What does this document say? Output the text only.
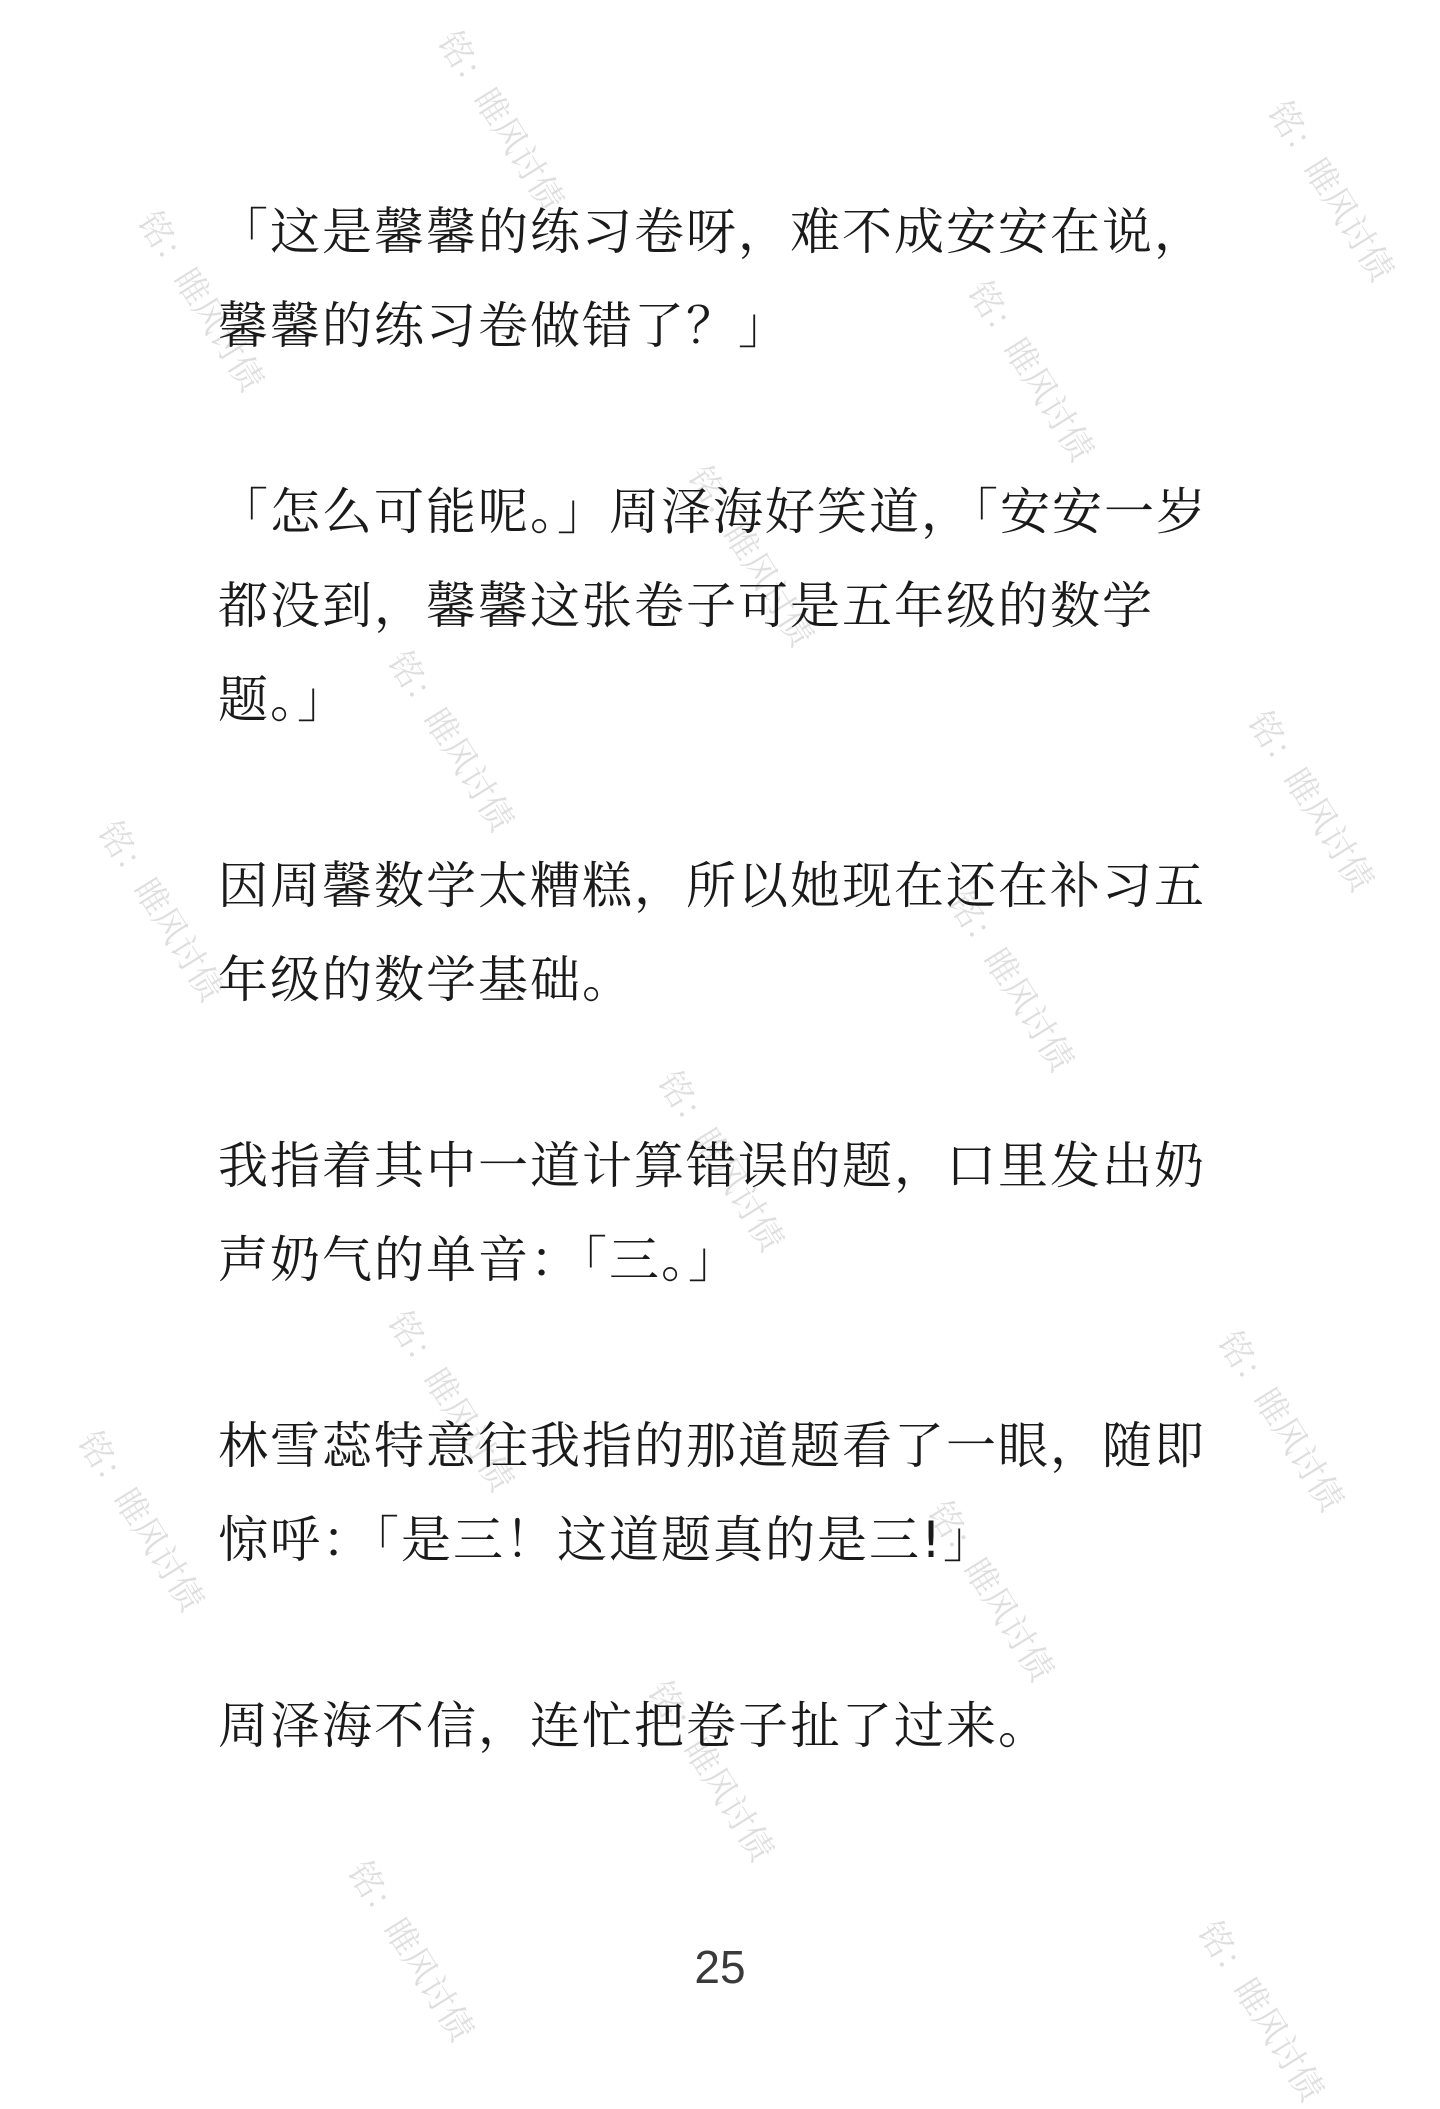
铭：睢风讨债	铭：睢风讨债
铭：睢风讨债	铭：睢风讨债
铭：睢风讨债
铭：睢风讨债	铭：睢风讨债
铭：睢风讨债	铭：睢风讨债
铭：睢风讨债
铭：睢风讨债	铭：睢风讨债
铭：睢风讨债	铭：睢风讨债
铭：睢风讨债
铭：睢风讨债	铭：睢风讨债

「这是馨馨的练习卷呀，难不成安安在说，馨馨的练习卷做错了？」

「怎么可能呢。」周泽海好笑道，「安安一岁都没到，馨馨这张卷子可是五年级的数学题。」

因周馨数学太糟糕，所以她现在还在补习五年级的数学基础。

我指着其中一道计算错误的题，口里发出奶声奶气的单音：「三。」

林雪蕊特意往我指的那道题看了一眼，随即惊呼：「是三！这道题真的是三!」

周泽海不信，连忙把卷子扯了过来。

25
